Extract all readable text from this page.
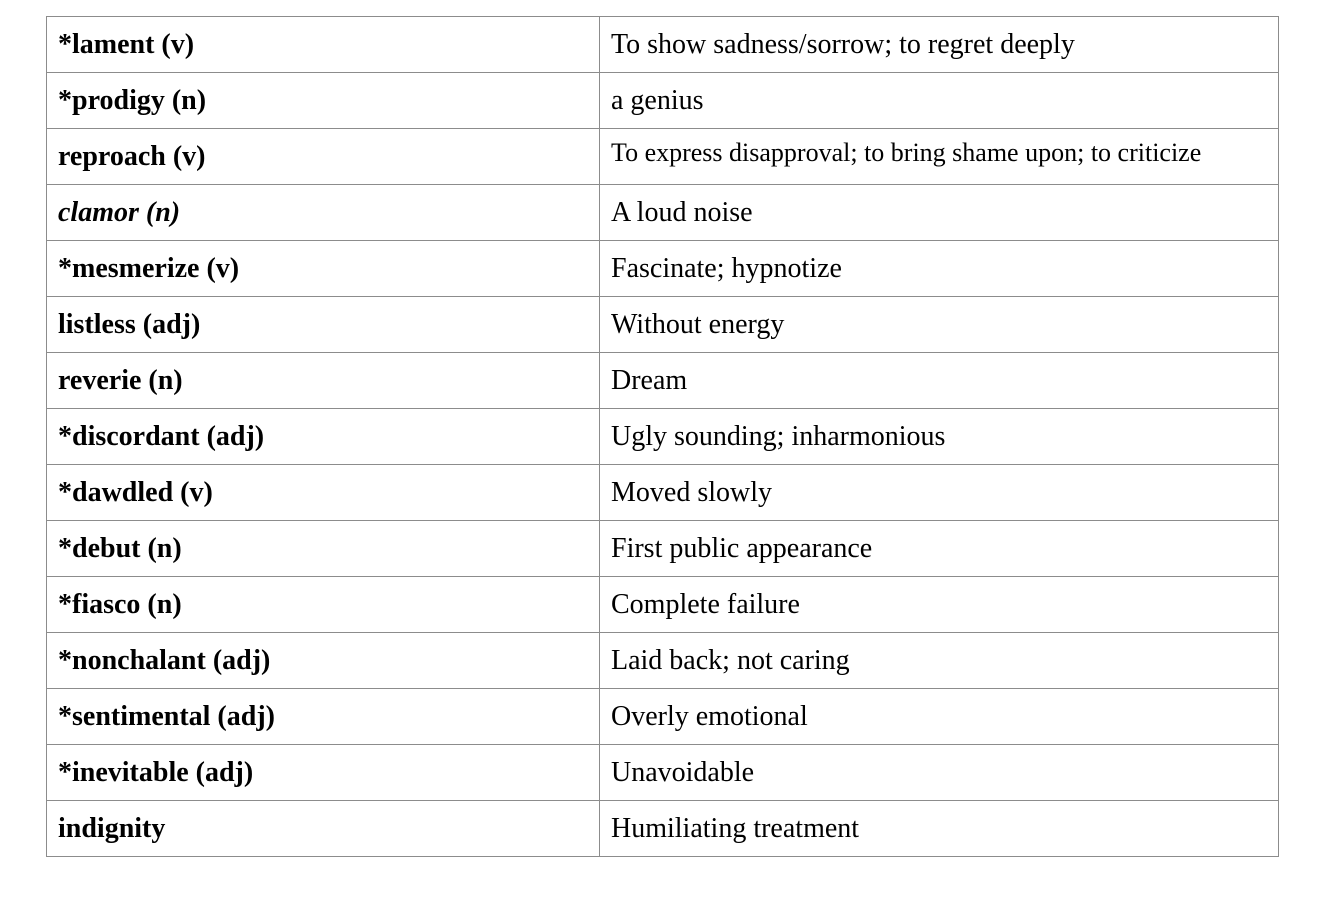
*lament (v)	To show sadness/sorrow; to regret deeply
*prodigy (n)	a genius
reproach (v)	To express disapproval; to bring shame upon; to criticize
clamor (n)	A loud noise
*mesmerize (v)	Fascinate; hypnotize
listless (adj)	Without energy
reverie (n)	Dream
*discordant (adj)	Ugly sounding; inharmonious
*dawdled (v)	Moved slowly
*debut (n)	First public appearance
*fiasco (n)	Complete failure
*nonchalant (adj)	Laid back; not caring
*sentimental (adj)	Overly emotional
*inevitable (adj)	Unavoidable
indignity	Humiliating treatment
